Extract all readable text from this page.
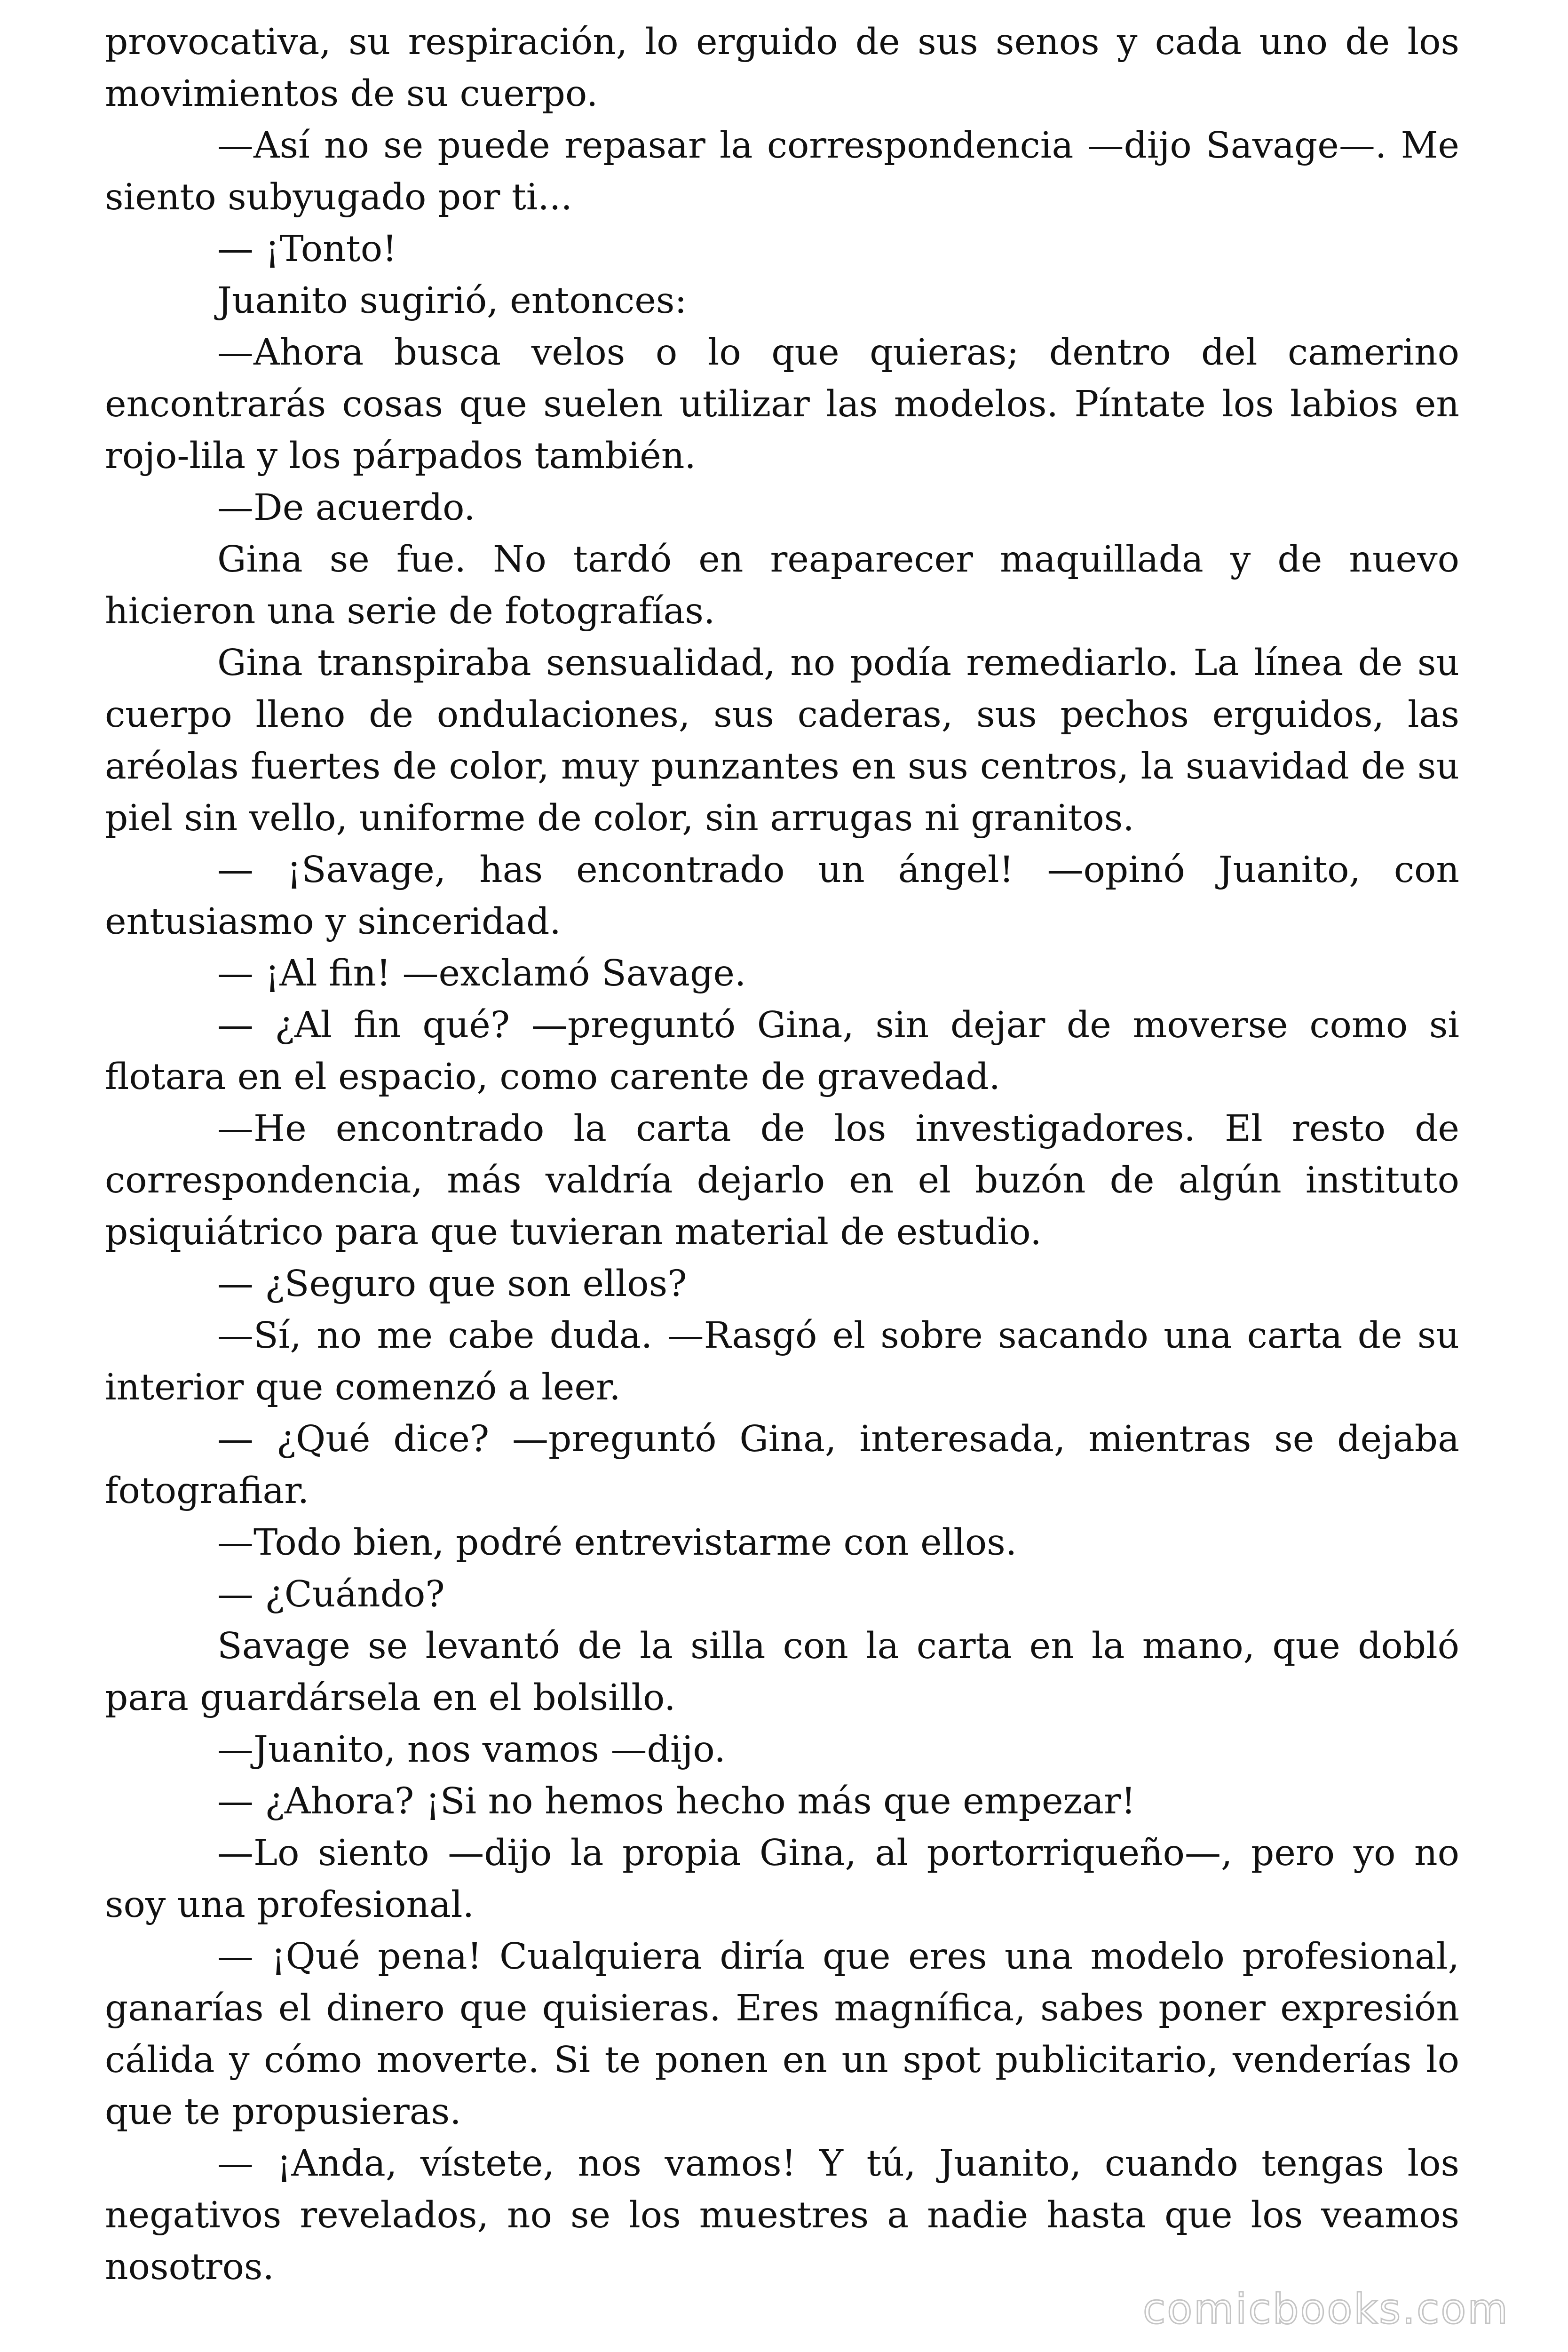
provocativa, su respiración, lo erguido de sus senos y cada uno de los movimientos de su cuerpo.

—Así no se puede repasar la correspondencia —dijo Savage—. Me siento subyugado por ti...

— ¡Tonto!

Juanito sugirió, entonces:

—Ahora busca velos o lo que quieras; dentro del camerino encontrarás cosas que suelen utilizar las modelos. Píntate los labios en rojo-lila y los párpados también.

—De acuerdo.

Gina se fue. No tardó en reaparecer maquillada y de nuevo hicieron una serie de fotografías.

Gina transpiraba sensualidad, no podía remediarlo. La línea de su cuerpo lleno de ondulaciones, sus caderas, sus pechos erguidos, las aréolas fuertes de color, muy punzantes en sus centros, la suavidad de su piel sin vello, uniforme de color, sin arrugas ni granitos.

— ¡Savage, has encontrado un ángel! —opinó Juanito, con entusiasmo y sinceridad.

— ¡Al fin! —exclamó Savage.

— ¿Al fin qué? —preguntó Gina, sin dejar de moverse como si flotara en el espacio, como carente de gravedad.

—He encontrado la carta de los investigadores. El resto de correspondencia, más valdría dejarlo en el buzón de algún instituto psiquiátrico para que tuvieran material de estudio.

— ¿Seguro que son ellos?

—Sí, no me cabe duda. —Rasgó el sobre sacando una carta de su interior que comenzó a leer.

— ¿Qué dice? —preguntó Gina, interesada, mientras se dejaba fotografiar.

—Todo bien, podré entrevistarme con ellos.

— ¿Cuándo?

Savage se levantó de la silla con la carta en la mano, que dobló para guardársela en el bolsillo.

—Juanito, nos vamos —dijo.

— ¿Ahora? ¡Si no hemos hecho más que empezar!

—Lo siento —dijo la propia Gina, al portorriqueño—, pero yo no soy una profesional.

— ¡Qué pena! Cualquiera diría que eres una modelo profesional, ganarías el dinero que quisieras. Eres magnífica, sabes poner expresión cálida y cómo moverte. Si te ponen en un spot publicitario, venderías lo que te propusieras.

— ¡Anda, vístete, nos vamos! Y tú, Juanito, cuando tengas los negativos revelados, no se los muestres a nadie hasta que los veamos nosotros.

comicbooks.com
